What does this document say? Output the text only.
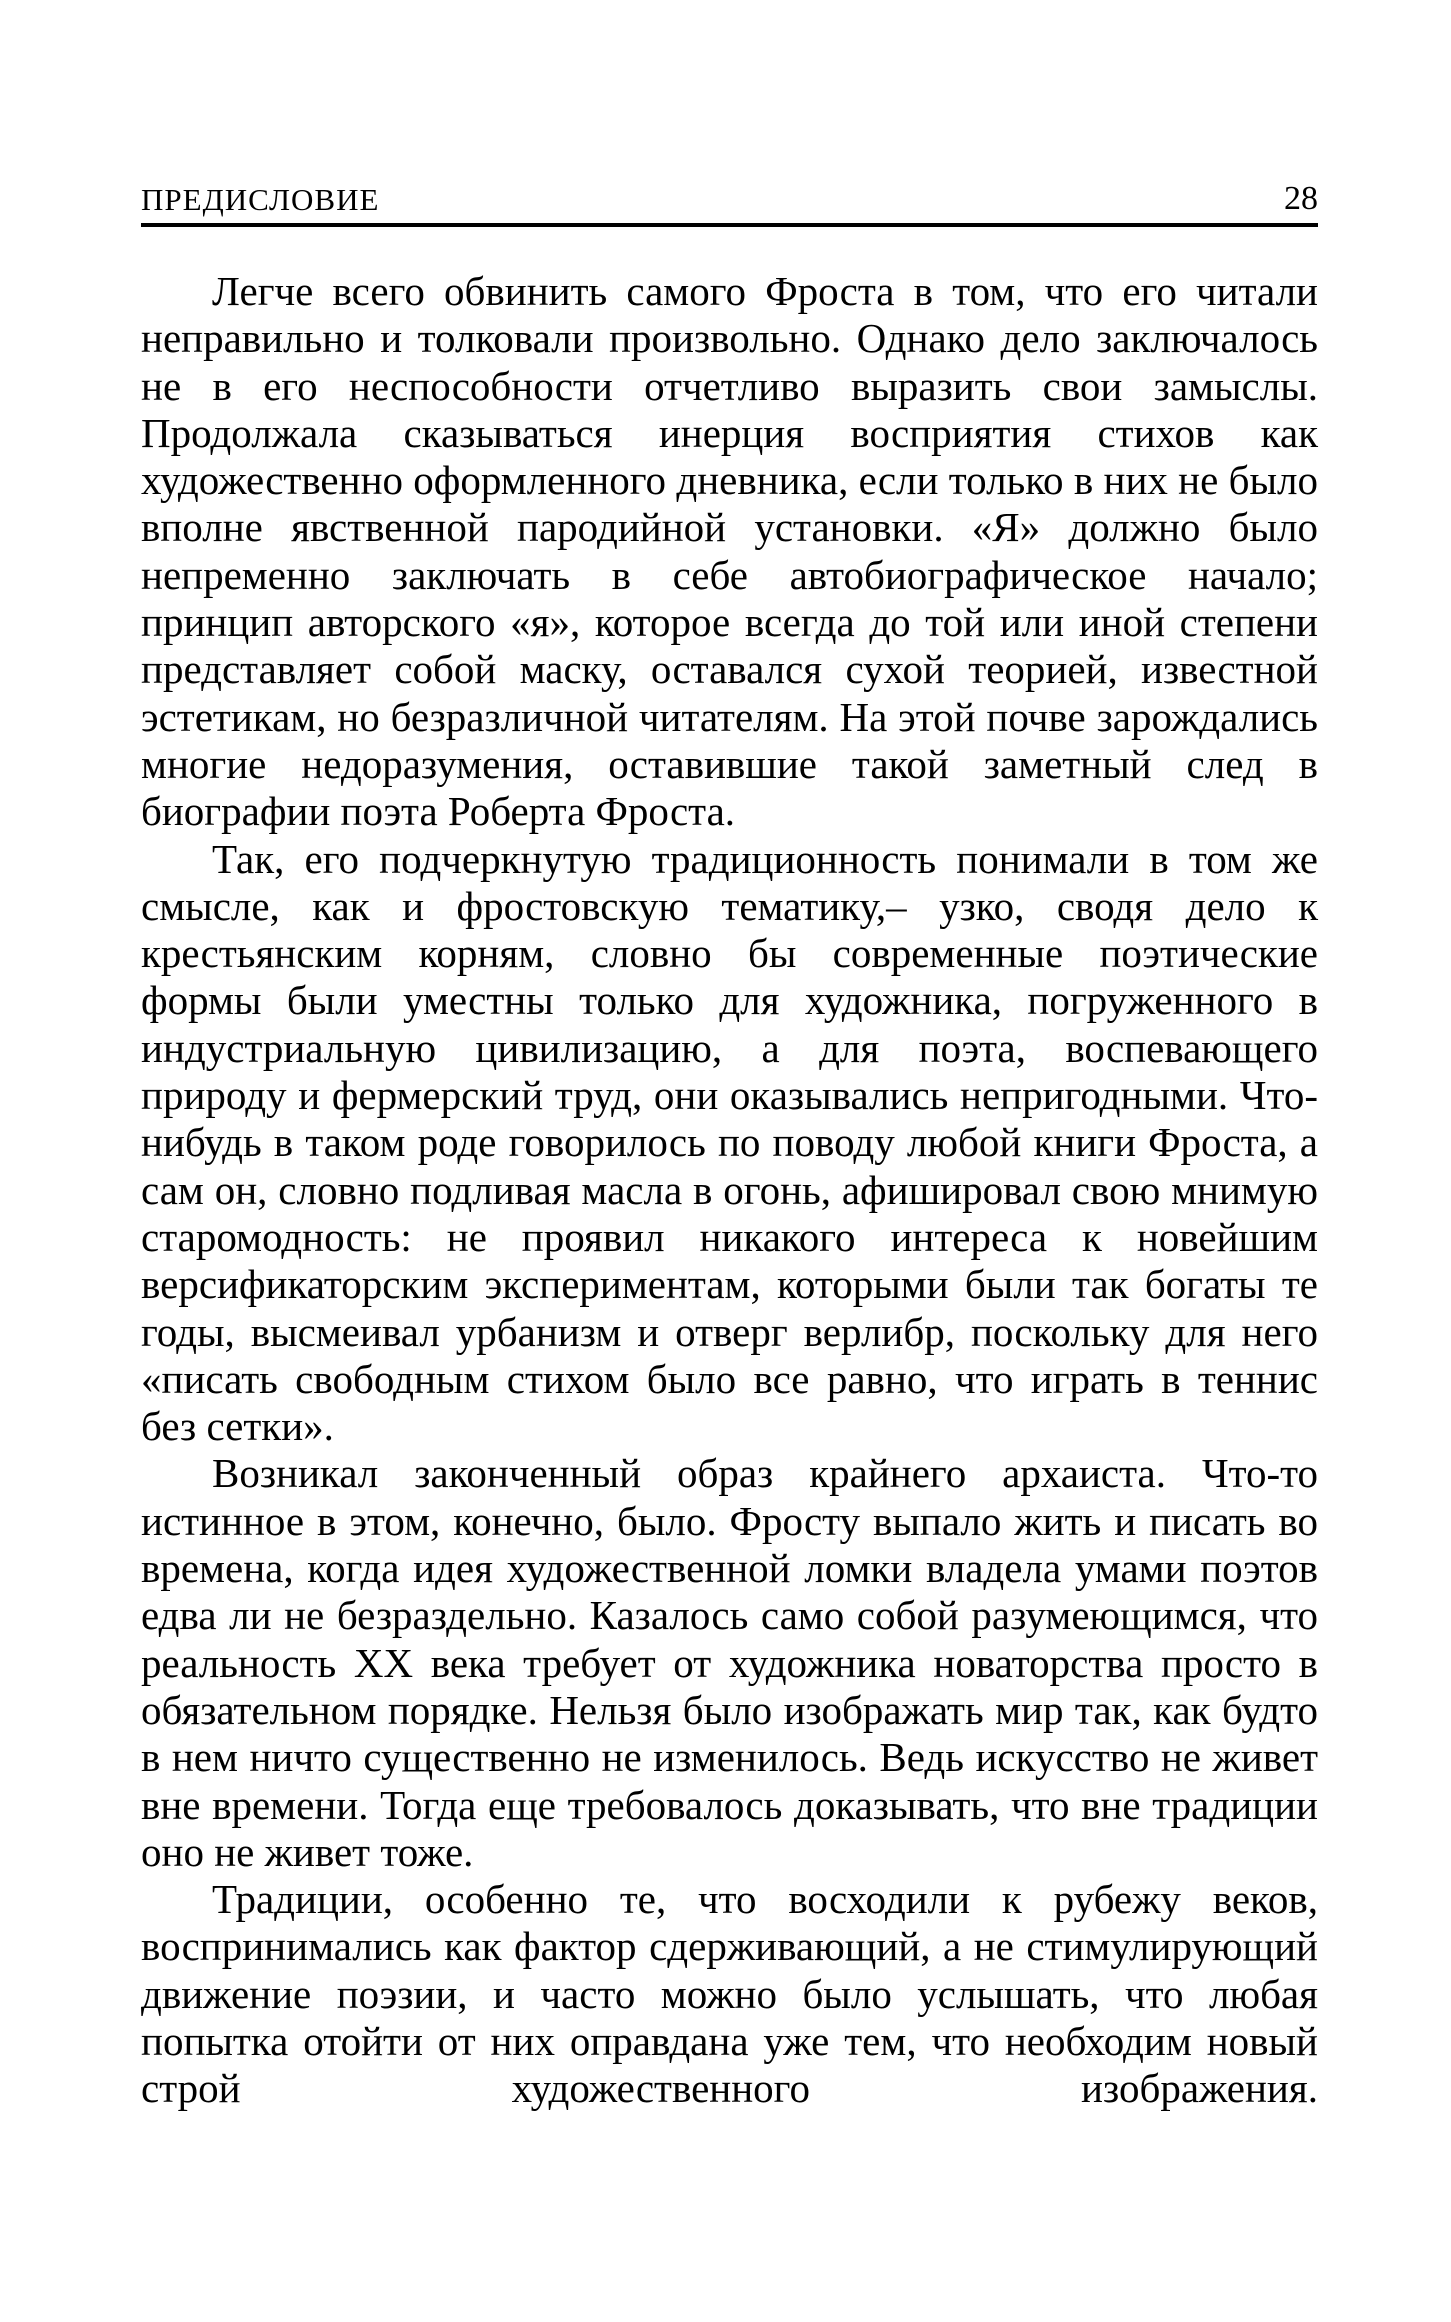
ПРЕДИСЛОВИЕ	28

Легче всего обвинить самого Фроста в том, что его читали неправильно и толковали произвольно. Однако дело заключалось не в его неспособности отчетливо выразить свои замыслы. Продолжала сказываться инерция восприятия стихов как художественно оформленного дневника, если только в них не было вполне явственной пародийной установки. «Я» должно было непременно заключать в себе автобиографическое начало; принцип авторского «я», которое всегда до той или иной степени представляет собой маску, оставался сухой теорией, известной эстетикам, но безразличной читателям. На этой почве зарождались многие недоразумения, оставившие такой заметный след в биографии поэта Роберта Фроста.

Так, его подчеркнутую традиционность понимали в том же смысле, как и фростовскую тематику,– узко, сводя дело к крестьянским корням, словно бы современные поэтические формы были уместны только для художника, погруженного в индустриальную цивилизацию, а для поэта, воспевающего природу и фермерский труд, они оказывались непригодными. Что-нибудь в таком роде говорилось по поводу любой книги Фроста, а сам он, словно подливая масла в огонь, афишировал свою мнимую старомодность: не проявил никакого интереса к новейшим версификаторским экспериментам, которыми были так богаты те годы, высмеивал урбанизм и отверг верлибр, поскольку для него «писать свободным стихом было все равно, что играть в теннис без сетки».

Возникал законченный образ крайнего архаиста. Что-то истинное в этом, конечно, было. Фросту выпало жить и писать во времена, когда идея художественной ломки владела умами поэтов едва ли не безраздельно. Казалось само собой разумеющимся, что реальность XX века требует от художника новаторства просто в обязательном порядке. Нельзя было изображать мир так, как будто в нем ничто существенно не изменилось. Ведь искусство не живет вне времени. Тогда еще требовалось доказывать, что вне традиции оно не живет тоже.

Традиции, особенно те, что восходили к рубежу веков, воспринимались как фактор сдерживающий, а не стимулирующий движение поэзии, и часто можно было услышать, что любая попытка отойти от них оправдана уже тем, что необходим новый строй художественного изображения.
